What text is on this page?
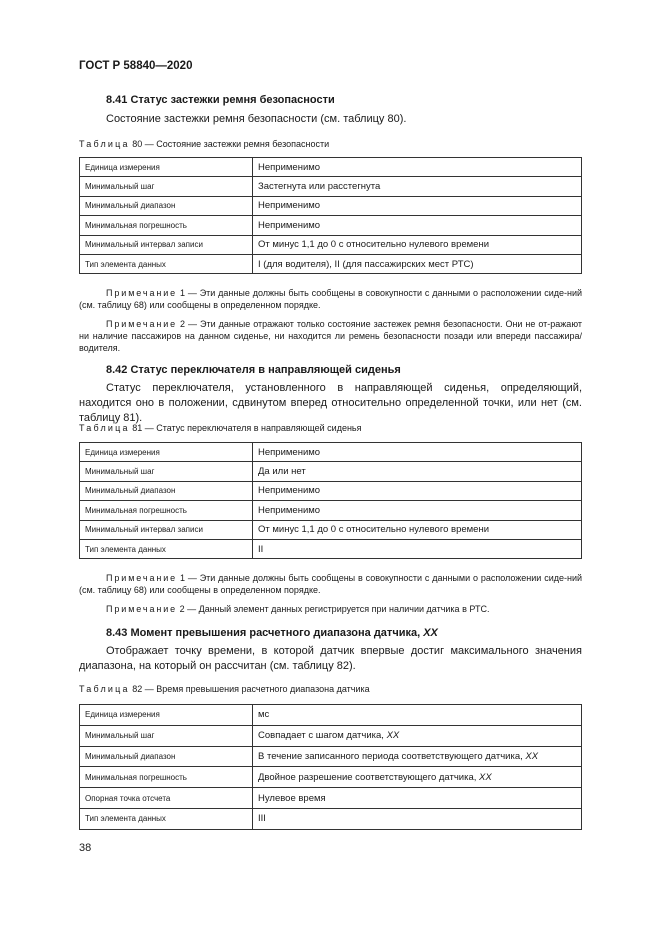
ГОСТ Р 58840—2020
8.41 Статус застежки ремня безопасности

Состояние застежки ремня безопасности (см. таблицу 80).

Таблица 80 — Состояние застежки ремня безопасности
Единица измерения	Неприменимо
Минимальный шаг	Застегнута или расстегнута
Минимальный диапазон	Неприменимо
Минимальная погрешность	Неприменимо
Минимальный интервал записи	От минус 1,1 до 0 с относительно нулевого времени
Тип элемента данных	I (для водителя), II (для пассажирских мест РТС)

Примечание 1 — Эти данные должны быть сообщены в совокупности с данными о расположении сиде-ний (см. таблицу 68) или сообщены в определенном порядке.

Примечание 2 — Эти данные отражают только состояние застежек ремня безопасности. Они не от-ражают ни наличие пассажиров на данном сиденье, ни находится ли ремень безопасности позади или впереди пассажира/водителя.

8.42 Статус переключателя в направляющей сиденья

Статус переключателя, установленного в направляющей сиденья, определяющий, находится оно в положении, сдвинутом вперед относительно определенной точки, или нет (см. таблицу 81).

Таблица 81 — Статус переключателя в направляющей сиденья
Единица измерения	Неприменимо
Минимальный шаг	Да или нет
Минимальный диапазон	Неприменимо
Минимальная погрешность	Неприменимо
Минимальный интервал записи	От минус 1,1 до 0 с относительно нулевого времени
Тип элемента данных	II

Примечание 1 — Эти данные должны быть сообщены в совокупности с данными о расположении сиде-ний (см. таблицу 68) или сообщены в определенном порядке.

Примечание 2 — Данный элемент данных регистрируется при наличии датчика в РТС.

8.43 Момент превышения расчетного диапазона датчика, XX

Отображает точку времени, в которой датчик впервые достиг максимального значения диапазона, на который он рассчитан (см. таблицу 82).

Таблица 82 — Время превышения расчетного диапазона датчика
Единица измерения	мс
Минимальный шаг	Совпадает с шагом датчика, XX
Минимальный диапазон	В течение записанного периода соответствующего датчика, XX
Минимальная погрешность	Двойное разрешение соответствующего датчика, XX
Опорная точка отсчета	Нулевое время
Тип элемента данных	III
38
